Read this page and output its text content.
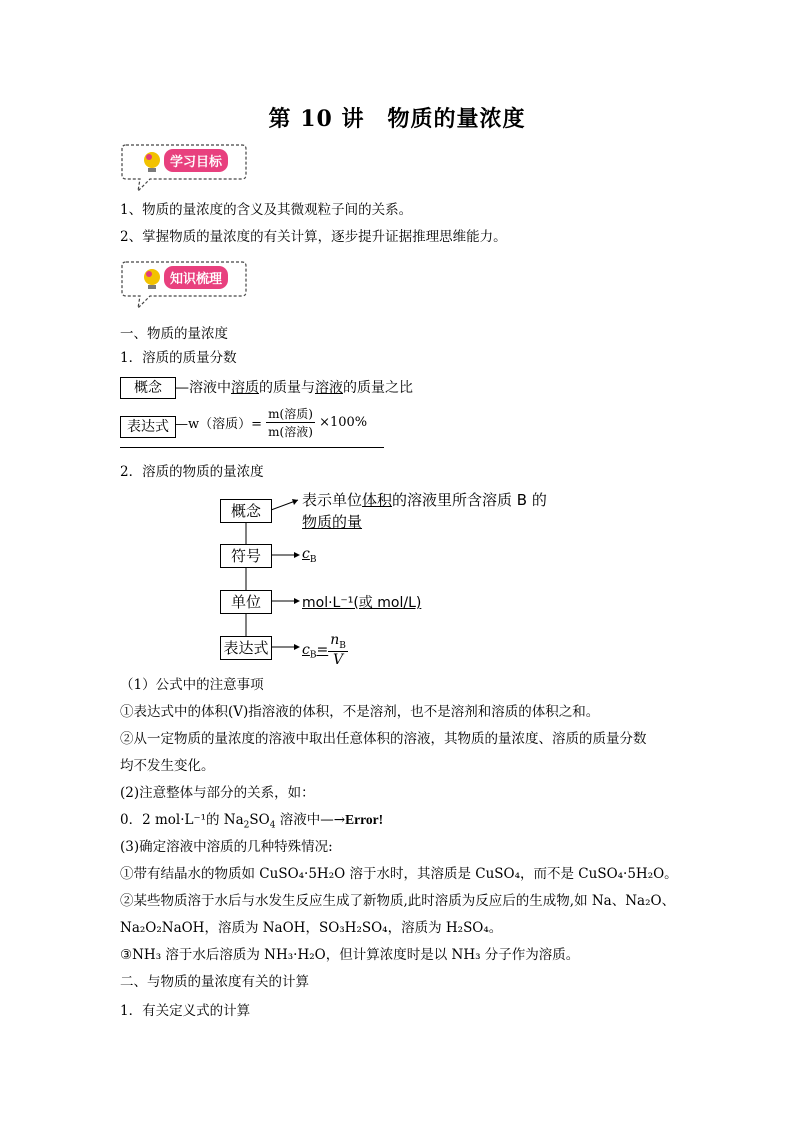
第 10 讲　物质的量浓度
学习目标
1、物质的量浓度的含义及其微观粒子间的关系。
2、掌握物质的量浓度的有关计算，逐步提升证据推理思维能力。
知识梳理
一、物质的量浓度
1．溶质的质量分数
概念 —溶液中溶质的质量与溶液的质量之比
表达式 —w（溶质）= $\frac{\text{m(溶质)}}{\text{m(溶液)}} \times 100\%$
2．溶质的物质的量浓度
概念
表示单位体积的溶液里所含溶质 B 的
物质的量
符号	$c_B$
单位	mol·L⁻¹(或 mol/L)
表达式 $c_B= \frac{n_B}{V}$
（1）公式中的注意事项
①表达式中的体积(V)指溶液的体积，不是溶剂，也不是溶剂和溶质的体积之和。
②从一定物质的量浓度的溶液中取出任意体积的溶液，其物质的量浓度、溶质的质量分数
均不发生变化。
(2)注意整体与部分的关系，如：
0．2 mol·L⁻¹的 $Na_2SO_4$ 溶液中—→Error!
(3)确定溶液中溶质的几种特殊情况:
①带有结晶水的物质如 CuSO₄·5H₂O 溶于水时，其溶质是 CuSO₄，而不是 CuSO₄·5H₂O。
②某些物质溶于水后与水发生反应生成了新物质,此时溶质为反应后的生成物,如 Na、Na₂O、
Na₂O₂NaOH，溶质为 NaOH，SO₃H₂SO₄，溶质为 H₂SO₄。
③NH₃ 溶于水后溶质为 NH₃·H₂O，但计算浓度时是以 NH₃ 分子作为溶质。
二、与物质的量浓度有关的计算
1．有关定义式的计算
